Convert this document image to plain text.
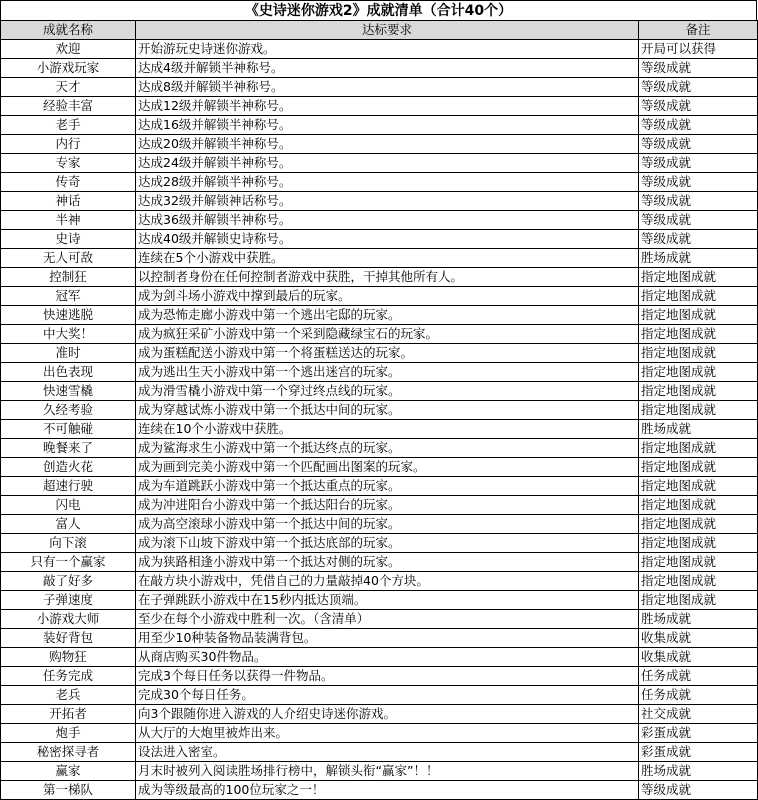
《史诗迷你游戏2》成就清单（合计40个）
成就名称	达标要求	备注
欢迎	开始游玩史诗迷你游戏。	开局可以获得
小游戏玩家	达成4级并解锁半神称号。	等级成就
天才	达成8级并解锁半神称号。	等级成就
经验丰富	达成12级并解锁半神称号。	等级成就
老手	达成16级并解锁半神称号。	等级成就
内行	达成20级并解锁半神称号。	等级成就
专家	达成24级并解锁半神称号。	等级成就
传奇	达成28级并解锁半神称号。	等级成就
神话	达成32级并解锁神话称号。	等级成就
半神	达成36级并解锁半神称号。	等级成就
史诗	达成40级并解锁史诗称号。	等级成就
无人可敌	连续在5个小游戏中获胜。	胜场成就
控制狂	以控制者身份在任何控制者游戏中获胜，干掉其他所有人。	指定地图成就
冠军	成为剑斗场小游戏中撑到最后的玩家。	指定地图成就
快速逃脱	成为恐怖走廊小游戏中第一个逃出宅邸的玩家。	指定地图成就
中大奖！	成为疯狂采矿小游戏中第一个采到隐藏绿宝石的玩家。	指定地图成就
准时	成为蛋糕配送小游戏中第一个将蛋糕送达的玩家。	指定地图成就
出色表现	成为逃出生天小游戏中第一个逃出迷宫的玩家。	指定地图成就
快速雪橇	成为滑雪橇小游戏中第一个穿过终点线的玩家。	指定地图成就
久经考验	成为穿越试炼小游戏中第一个抵达中间的玩家。	指定地图成就
不可触碰	连续在10个小游戏中获胜。	胜场成就
晚餐来了	成为鲨海求生小游戏中第一个抵达终点的玩家。	指定地图成就
创造火花	成为画到完美小游戏中第一个匹配画出图案的玩家。	指定地图成就
超速行驶	成为车道跳跃小游戏中第一个抵达重点的玩家。	指定地图成就
闪电	成为冲进阳台小游戏中第一个抵达阳台的玩家。	指定地图成就
富人	成为高空滚球小游戏中第一个抵达中间的玩家。	指定地图成就
向下滚	成为滚下山坡下游戏中第一个抵达底部的玩家。	指定地图成就
只有一个赢家	成为狭路相逢小游戏中第一个抵达对侧的玩家。	指定地图成就
敲了好多	在敲方块小游戏中，凭借自己的力量敲掉40个方块。	指定地图成就
子弹速度	在子弹跳跃小游戏中在15秒内抵达顶端。	指定地图成就
小游戏大师	至少在每个小游戏中胜利一次。（含清单）	胜场成就
装好背包	用至少10种装备物品装满背包。	收集成就
购物狂	从商店购买30件物品。	收集成就
任务完成	完成3个每日任务以获得一件物品。	任务成就
老兵	完成30个每日任务。	任务成就
开拓者	向3个跟随你进入游戏的人介绍史诗迷你游戏。	社交成就
炮手	从大厅的大炮里被炸出来。	彩蛋成就
秘密探寻者	设法进入密室。	彩蛋成就
赢家	月末时被列入阅读胜场排行榜中，解锁头衔“赢家”！！	胜场成就
第一梯队	成为等级最高的100位玩家之一！	等级成就
